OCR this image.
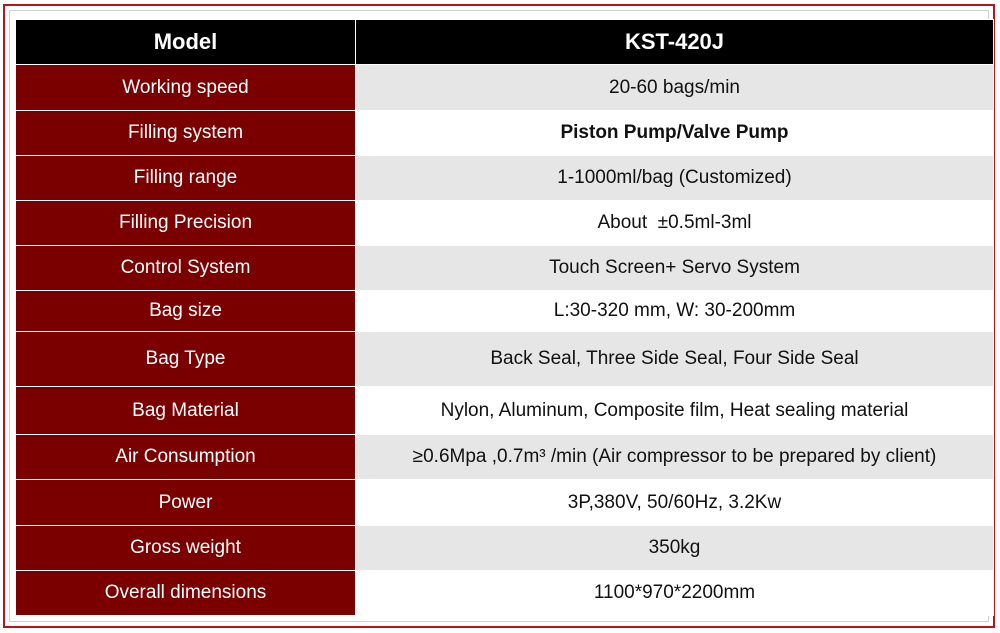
Model	KST-420J
Working speed	20-60 bags/min
Filling system	Piston Pump/Valve Pump
Filling range	1-1000ml/bag (Customized)
Filling Precision	About  ±0.5ml-3ml
Control System	Touch Screen+ Servo System
Bag size	L:30-320 mm, W: 30-200mm
Bag Type	Back Seal, Three Side Seal, Four Side Seal
Bag Material	Nylon, Aluminum, Composite film, Heat sealing material
Air Consumption	≥0.6Mpa ,0.7m³ /min (Air compressor to be prepared by client)
Power	3P,380V, 50/60Hz, 3.2Kw
Gross weight	350kg
Overall dimensions	1100*970*2200mm
